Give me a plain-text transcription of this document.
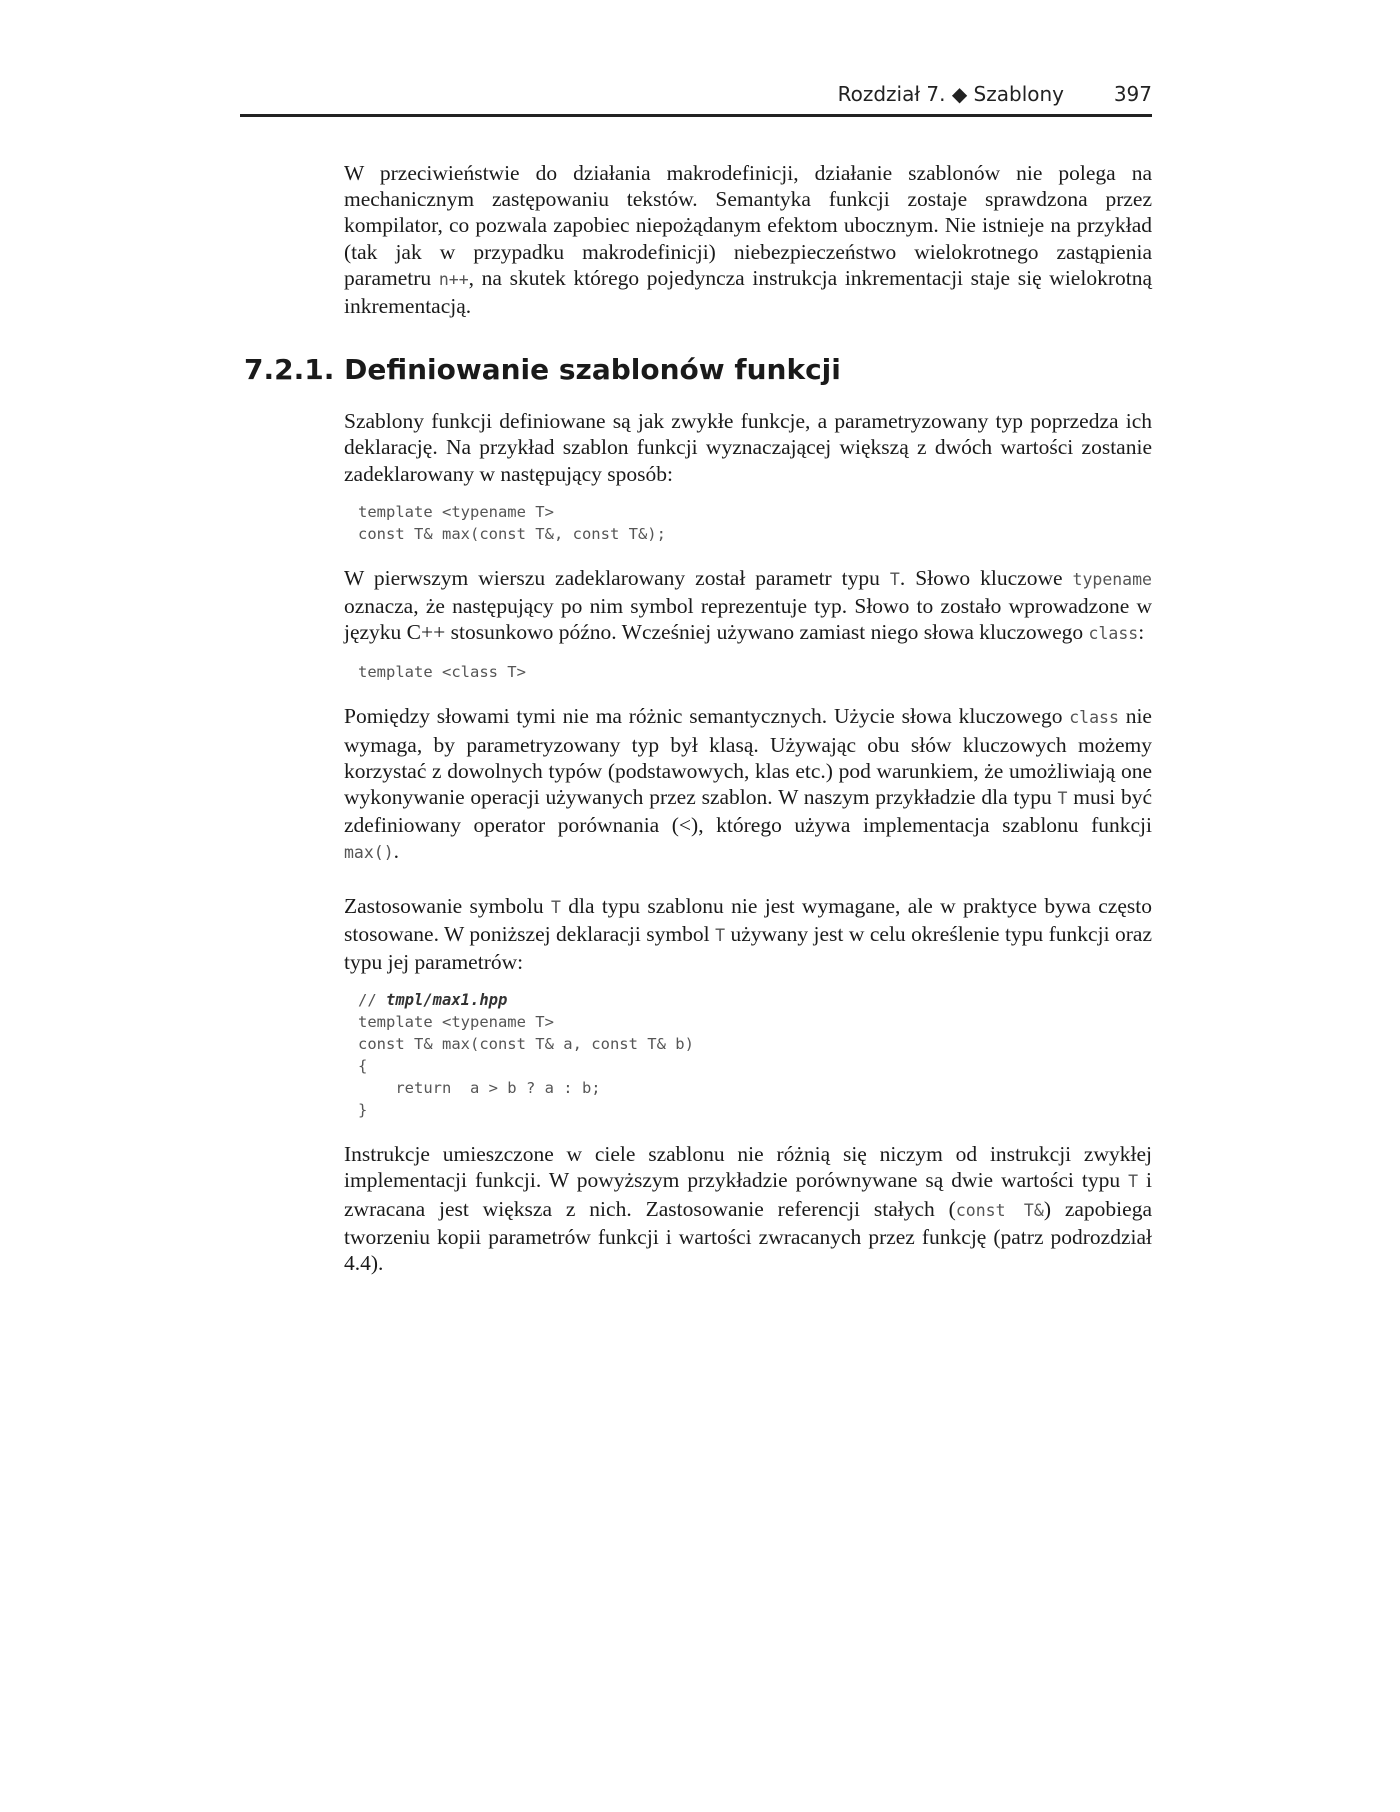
Rozdział 7. ◆ Szablony 397

W przeciwieństwie do działania makrodefinicji, działanie szablonów nie polega na mechanicznym zastępowaniu tekstów. Semantyka funkcji zostaje sprawdzona przez kompilator, co pozwala zapobiec niepożądanym efektom ubocznym. Nie istnieje na przykład (tak jak w przypadku makrodefinicji) niebezpieczeństwo wielokrotnego zastąpienia parametru n++, na skutek którego pojedyncza instrukcja inkrementacji staje się wielokrotną inkrementacją.

7.2.1. Definiowanie szablonów funkcji

Szablony funkcji definiowane są jak zwykłe funkcje, a parametryzowany typ poprzedza ich deklarację. Na przykład szablon funkcji wyznaczającej większą z dwóch wartości zostanie zadeklarowany w następujący sposób:

template <typename T>
const T& max(const T&, const T&);

W pierwszym wierszu zadeklarowany został parametr typu T. Słowo kluczowe typename oznacza, że następujący po nim symbol reprezentuje typ. Słowo to zostało wprowadzone w języku C++ stosunkowo późno. Wcześniej używano zamiast niego słowa kluczowego class:

template <class T>

Pomiędzy słowami tymi nie ma różnic semantycznych. Użycie słowa kluczowego class nie wymaga, by parametryzowany typ był klasą. Używając obu słów kluczowych możemy korzystać z dowolnych typów (podstawowych, klas etc.) pod warunkiem, że umożliwiają one wykonywanie operacji używanych przez szablon. W naszym przykładzie dla typu T musi być zdefiniowany operator porównania (<), którego używa implementacja szablonu funkcji max().

Zastosowanie symbolu T dla typu szablonu nie jest wymagane, ale w praktyce bywa często stosowane. W poniższej deklaracji symbol T używany jest w celu określenie typu funkcji oraz typu jej parametrów:

// tmpl/max1.hpp
template <typename T>
const T& max(const T& a, const T& b)
{
return  a > b ? a : b;
}

Instrukcje umieszczone w ciele szablonu nie różnią się niczym od instrukcji zwykłej implementacji funkcji. W powyższym przykładzie porównywane są dwie wartości typu T i zwracana jest większa z nich. Zastosowanie referencji stałych (const T&) zapobiega tworzeniu kopii parametrów funkcji i wartości zwracanych przez funkcję (patrz podrozdział 4.4).
